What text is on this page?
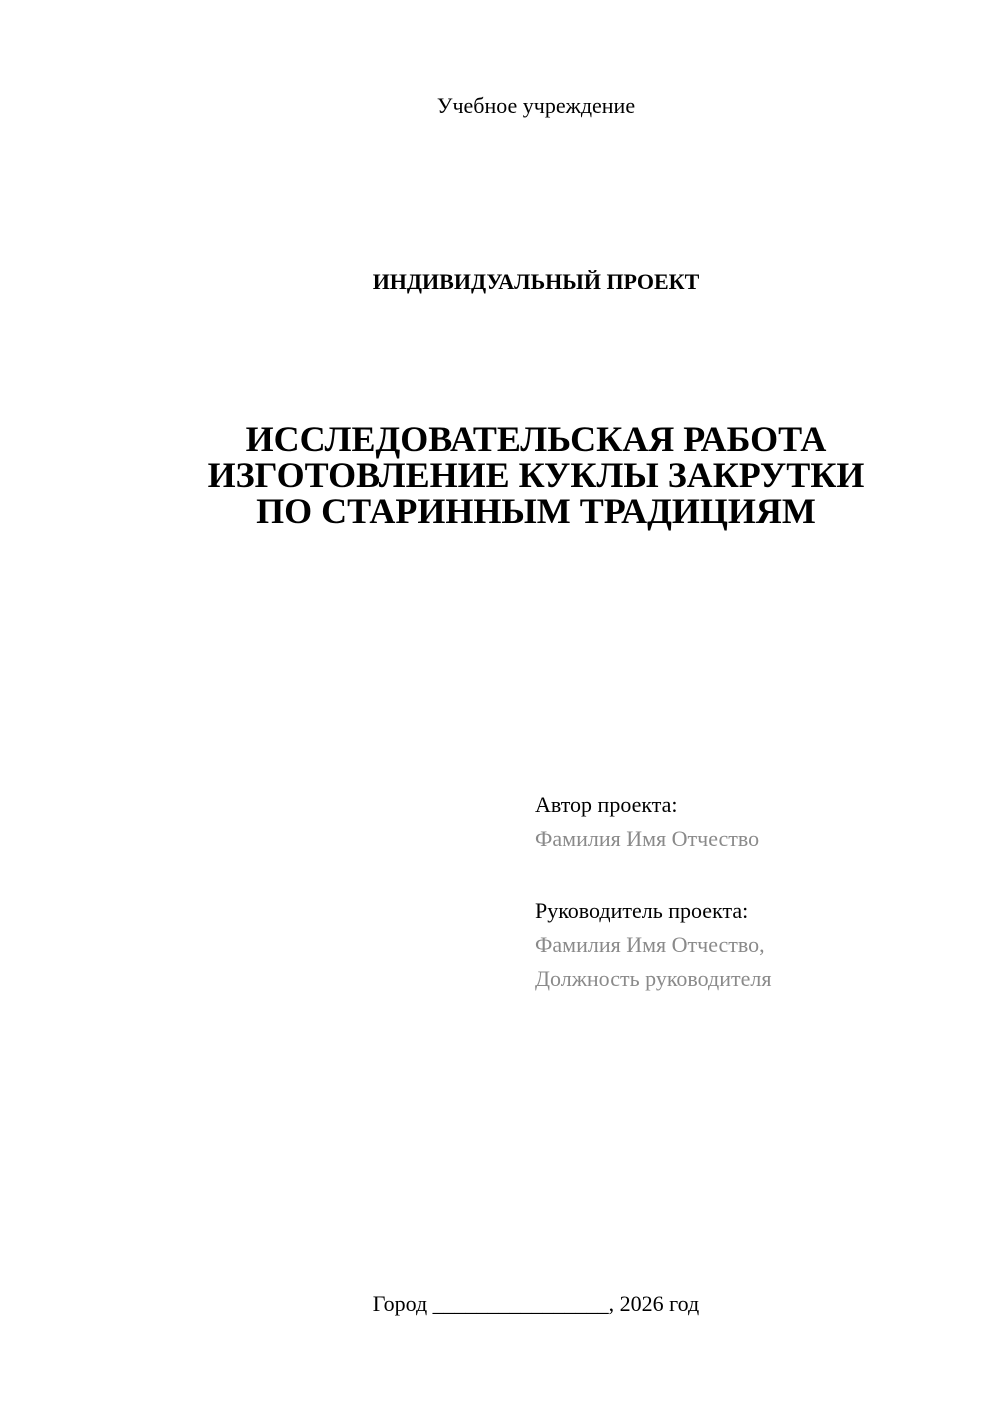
Учебное учреждение
ИНДИВИДУАЛЬНЫЙ ПРОЕКТ
ИССЛЕДОВАТЕЛЬСКАЯ РАБОТА
ИЗГОТОВЛЕНИЕ КУКЛЫ ЗАКРУТКИ
ПО СТАРИННЫМ ТРАДИЦИЯМ
Автор проекта:
Фамилия Имя Отчество
Руководитель проекта:
Фамилия Имя Отчество,
Должность руководителя
Город ________________, 2026 год
